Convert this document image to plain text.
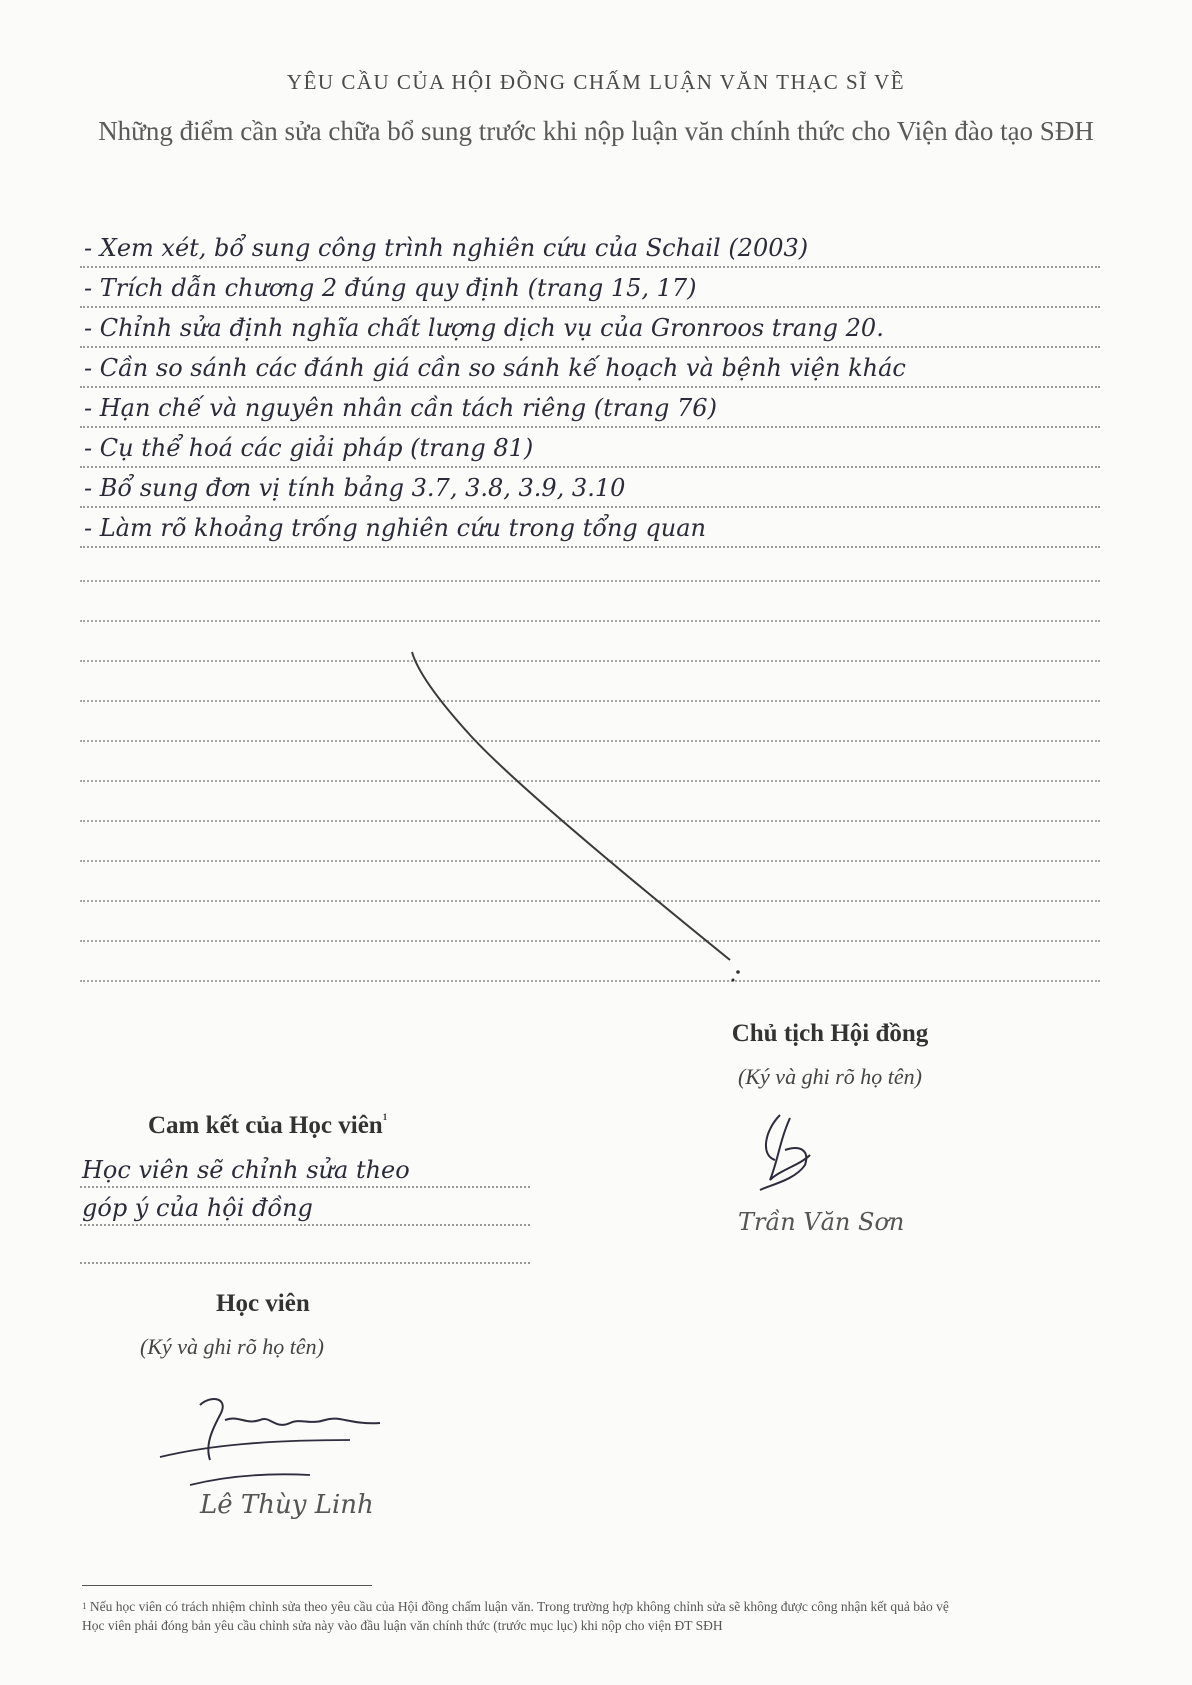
YÊU CẦU CỦA HỘI ĐỒNG CHẤM LUẬN VĂN THẠC SĨ VỀ
Những điểm cần sửa chữa bổ sung trước khi nộp luận văn chính thức cho Viện đào tạo SĐH
- Xem xét, bổ sung công trình nghiên cứu của Schail (2003)
- Trích dẫn chương 2 đúng quy định (trang 15, 17)
- Chỉnh sửa định nghĩa chất lượng dịch vụ của Gronroos trang 20.
- Cần so sánh các đánh giá cần so sánh kế hoạch và bệnh viện khác
- Hạn chế và nguyên nhân cần tách riêng (trang 76)
- Cụ thể hoá các giải pháp (trang 81)
- Bổ sung đơn vị tính bảng 3.7, 3.8, 3.9, 3.10
- Làm rõ khoảng trống nghiên cứu trong tổng quan
Chủ tịch Hội đồng
(Ký và ghi rõ họ tên)
Trần Văn Sơn
Cam kết của Học viên$^1$
Học viên sẽ chỉnh sửa theo
góp ý của hội đồng
Học viên
(Ký và ghi rõ họ tên)
Lê Thùy Linh

$^1$ Nếu học viên có trách nhiệm chỉnh sửa theo yêu cầu của Hội đồng chấm luận văn. Trong trường hợp không chỉnh sửa sẽ không được công nhận kết quả bảo vệ

Học viên phải đóng bản yêu cầu chỉnh sửa này vào đầu luận văn chính thức (trước mục lục) khi nộp cho viện ĐT SĐH
